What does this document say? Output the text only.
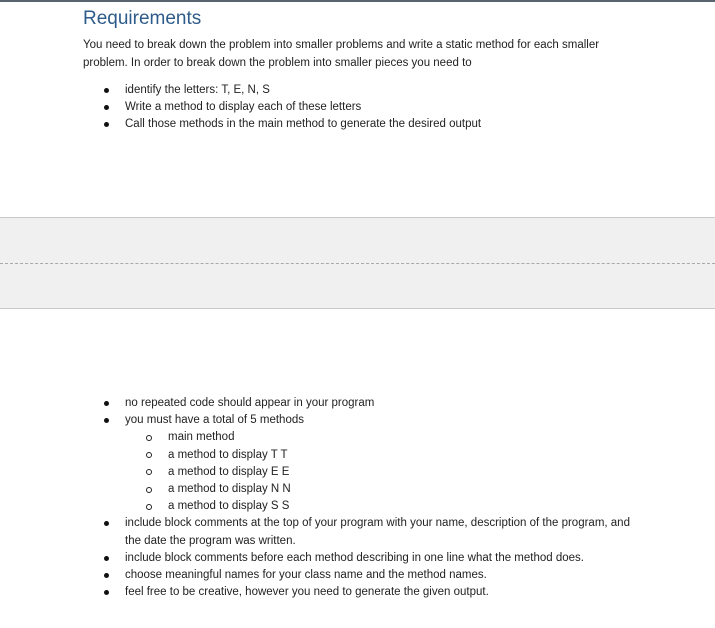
Requirements

You need to break down the problem into smaller problems and write a static method for each smaller problem. In order to break down the problem into smaller pieces you need to

identify the letters: T, E, N, S
Write a method to display each of these letters
Call those methods in the main method to generate the desired output
no repeated code should appear in your program
you must have a total of 5 methods
main method
a method to display T T
a method to display E E
a method to display N N
a method to display S S
include block comments at the top of your program with your name, description of the program, and the date the program was written.
include block comments before each method describing in one line what the method does.
choose meaningful names for your class name and the method names.
feel free to be creative, however you need to generate the given output.
